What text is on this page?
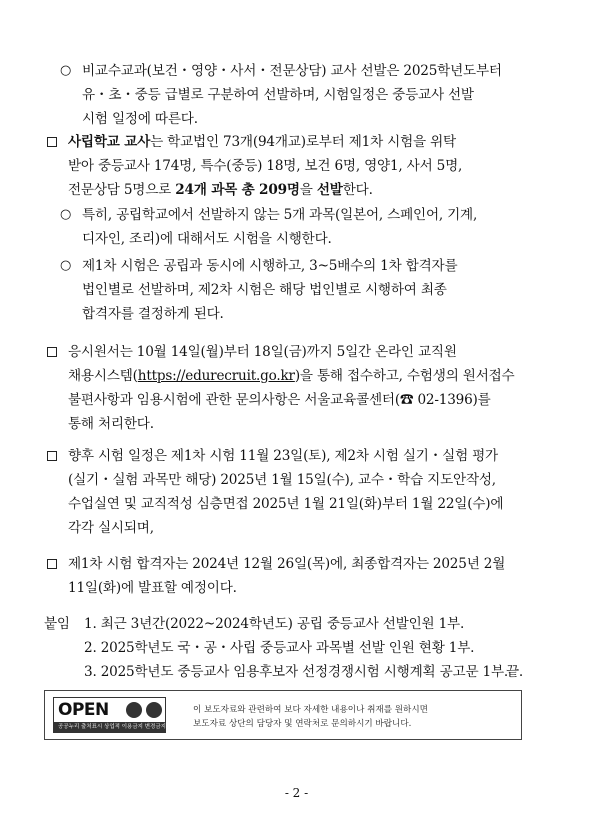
○ 비교수교과(보건・영양・사서・전문상담) 교사 선발은 2025학년도부터
유・초・중등 급별로 구분하여 선발하며, 시험일정은 중등교사 선발
시험 일정에 따른다.
사립학교 교사는 학교법인 73개(94개교)로부터 제1차 시험을 위탁
받아 중등교사 174명, 특수(중등) 18명, 보건 6명, 영양1, 사서 5명,
전문상담 5명으로 24개 과목 총 209명을 선발한다.
○ 특히, 공립학교에서 선발하지 않는 5개 과목(일본어, 스페인어, 기계,
디자인, 조리)에 대해서도 시험을 시행한다.
○ 제1차 시험은 공립과 동시에 시행하고, 3~5배수의 1차 합격자를
법인별로 선발하며, 제2차 시험은 해당 법인별로 시행하여 최종
합격자를 결정하게 된다.
응시원서는 10월 14일(월)부터 18일(금)까지 5일간 온라인 교직원
채용시스템(https://edurecruit.go.kr)을 통해 접수하고, 수험생의 원서접수
불편사항과 임용시험에 관한 문의사항은 서울교육콜센터(☎ 02-1396)를
통해 처리한다.
향후 시험 일정은 제1차 시험 11월 23일(토), 제2차 시험 실기・실험 평가
(실기・실험 과목만 해당) 2025년 1월 15일(수), 교수・학습 지도안작성,
수업실연 및 교직적성 심층면접 2025년 1월 21일(화)부터 1월 22일(수)에
각각 실시되며,
제1차 시험 합격자는 2024년 12월 26일(목)에, 최종합격자는 2025년 2월
11일(화)에 발표할 예정이다.
붙임 1. 최근 3년간(2022~2024학년도) 공립 중등교사 선발인원 1부.
2. 2025학년도 국・공・사립 중등교사 과목별 선발 인원 현황 1부.
3. 2025학년도 중등교사 임용후보자 선정경쟁시험 시행계획 공고문 1부.
끝.
OPEN
공공누리 출처표시 상업적 이용금지 변경금지
이 보도자료와 관련하여 보다 자세한 내용이나 취재를 원하시면
보도자료 상단의 담당자 및 연락처로 문의하시기 바랍니다.
- 2 -
